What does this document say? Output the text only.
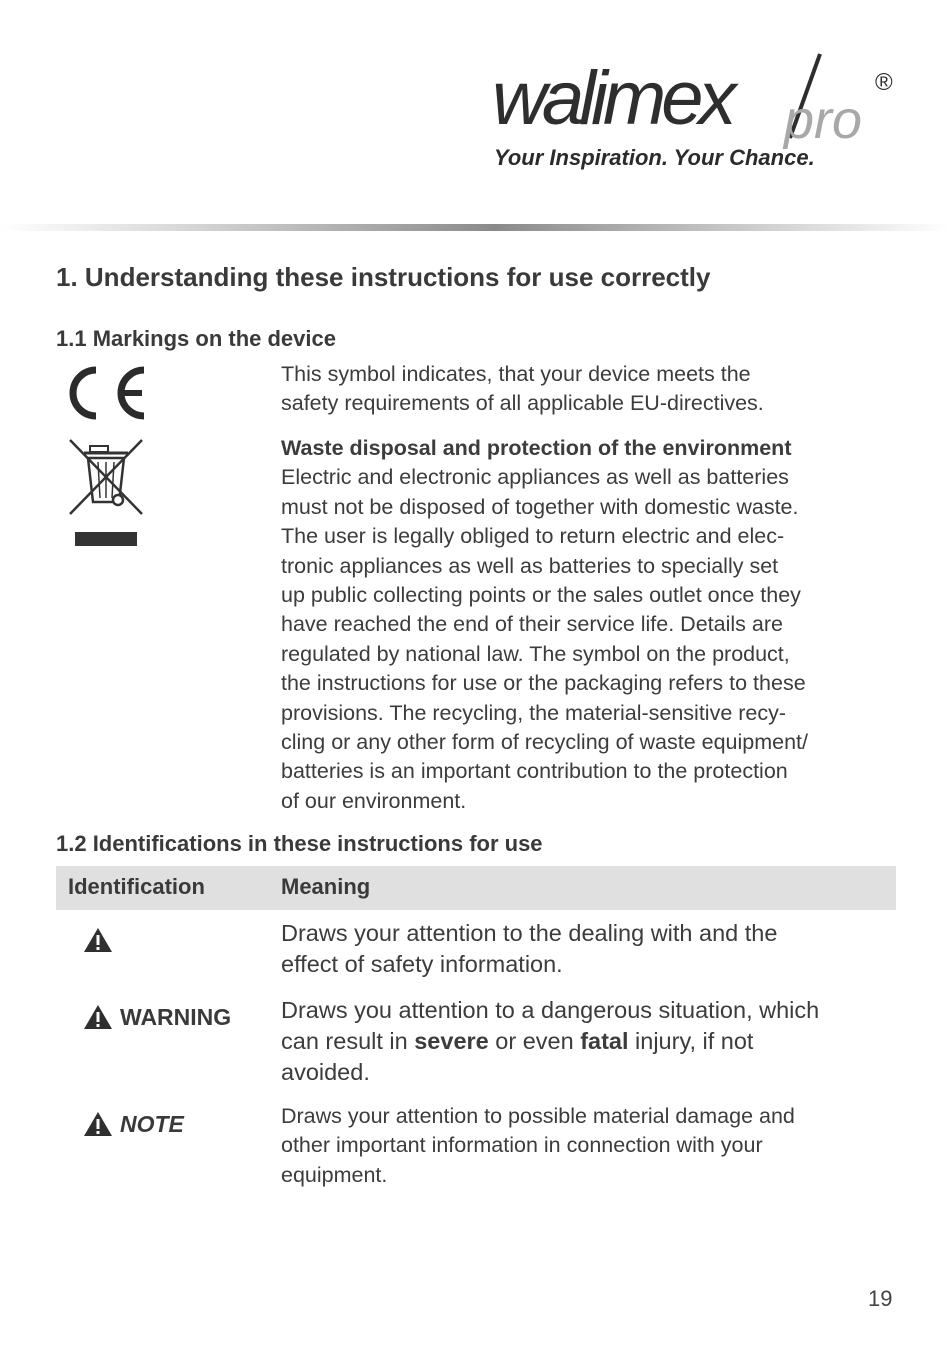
walimex pro
®
Your Inspiration. Your Chance.
1. Understanding these instructions for use correctly
1.1 Markings on the device

This symbol indicates, that your device meets the
safety requirements of all applicable EU-directives.

Waste disposal and protection of the environment
Electric and electronic appliances as well as batteries
must not be disposed of together with domestic waste.
The user is legally obliged to return electric and elec-
tronic appliances as well as batteries to specially set
up public collecting points or the sales outlet once they
have reached the end of their service life. Details are
regulated by national law. The symbol on the product,
the instructions for use or the packaging refers to these
provisions. The recycling, the material-sensitive recy-
cling or any other form of recycling of waste equipment/
batteries is an important contribution to the protection
of our environment.
1.2 Identifications in these instructions for use
Identification	Meaning

Draws your attention to the dealing with and the
effect of safety information.

WARNING Draws you attention to a dangerous situation, which
can result in severe or even fatal injury, if not
avoided.

NOTE	Draws your attention to possible material damage and
other important information in connection with your
equipment.

19
